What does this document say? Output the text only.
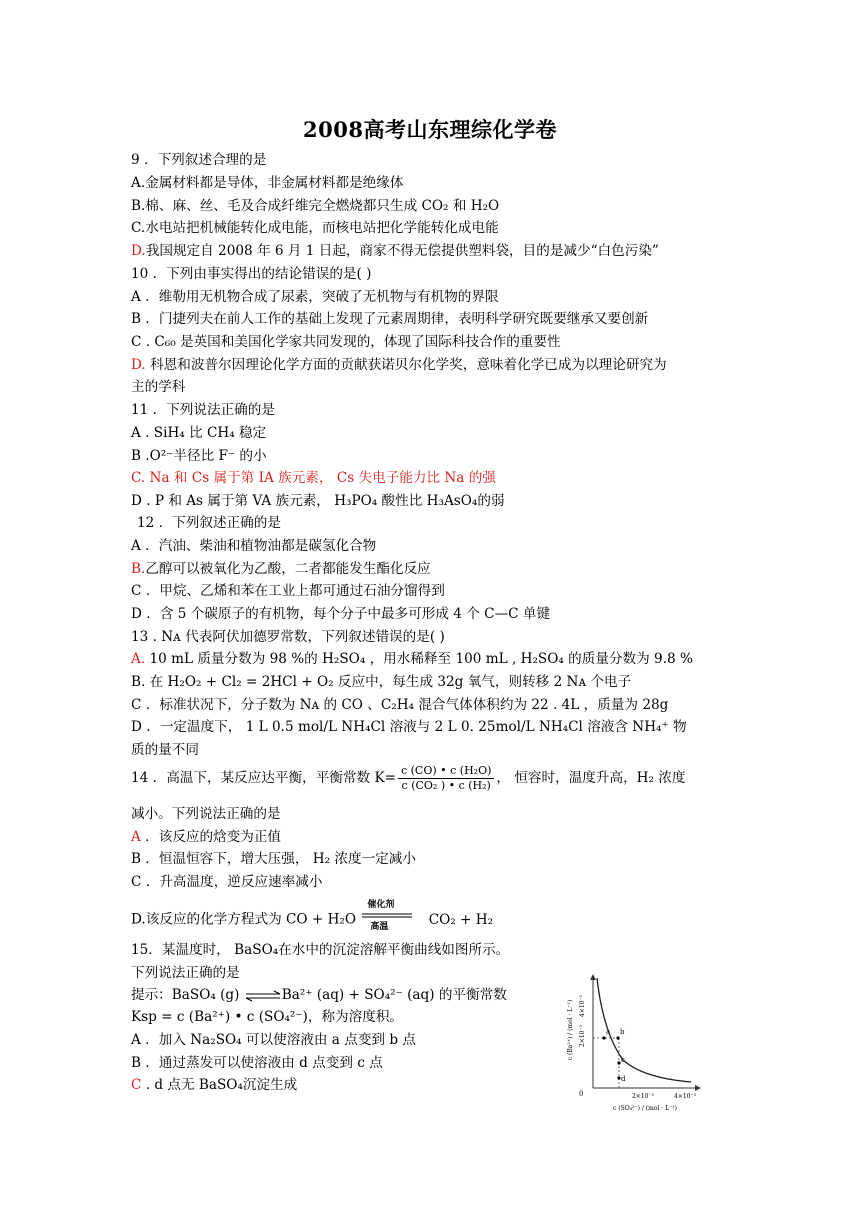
2008高考山东理综化学卷
9 ．下列叙述合理的是
A.金属材料都是导体，非金属材料都是绝缘体
B.棉、麻、丝、毛及合成纤维完全燃烧都只生成 CO₂ 和 H₂O
C.水电站把机械能转化成电能，而核电站把化学能转化成电能
D.我国规定自 2008 年 6 月 1 日起，商家不得无偿提供塑料袋，目的是减少“白色污染”
10 ．下列由事实得出的结论错误的是( )
A ．维勒用无机物合成了尿素，突破了无机物与有机物的界限
B ．门捷列夫在前人工作的基础上发现了元素周期律，表明科学研究既要继承又要创新
C . C₆₀ 是英国和美国化学家共同发现的，体现了国际科技合作的重要性
D. 科恩和波普尔因理论化学方面的贡献获诺贝尔化学奖，意味着化学已成为以理论研究为
主的学科
11 ．下列说法正确的是
A . SiH₄ 比 CH₄ 稳定
B .O²⁻半径比 F⁻ 的小
C. Na 和 Cs 属于第 IA 族元素， Cs 失电子能力比 Na 的强
D . P 和 As 属于第 VA 族元素， H₃PO₄ 酸性比 H₃AsO₄的弱
12 ．下列叙述正确的是
A ．汽油、柴油和植物油都是碳氢化合物
B.乙醇可以被氧化为乙酸，二者都能发生酯化反应
C ．甲烷、乙烯和苯在工业上都可通过石油分馏得到
D ．含 5 个碳原子的有机物，每个分子中最多可形成 4 个 C—C 单键
13 . Nᴀ 代表阿伏加德罗常数，下列叙述错误的是( )
A. 10 mL 质量分数为 98 %的 H₂SO₄ ，用水稀释至 100 mL , H₂SO₄ 的质量分数为 9.8 %
B. 在 H₂O₂ + Cl₂ = 2HCl + O₂ 反应中，每生成 32g 氧气，则转移 2 Nᴀ 个电子
C ．标准状况下，分子数为 Nᴀ 的 CO 、C₂H₄ 混合气体体积约为 22 . 4L ，质量为 28g
D ．一定温度下， 1 L 0.5 mol/L NH₄Cl 溶液与 2 L 0. 25mol/L NH₄Cl 溶液含 NH₄⁺ 物
质的量不同
14 ．高温下，某反应达平衡，平衡常数 $K= \frac{\text{c (CO) • c (H₂O)}}{\text{c (CO₂ ) • c (H₂)}}$ ， 恒容时，温度升高，H₂ 浓度
减小。下列说法正确的是
A ．该反应的焓变为正值
B ．恒温恒容下，增大压强， H₂ 浓度一定减小
C ．升高温度，逆反应速率减小
D.该反应的化学方程式为 CO + H₂O
催化剂
高温	CO₂ + H₂
15．某温度时， BaSO₄在水中的沉淀溶解平衡曲线如图所示。
下列说法正确的是
提示：BaSO₄ (g) ⇌Ba²⁺ (aq) + SO₄²⁻ (aq) 的平衡常数
Ksp = c (Ba²⁺) • c (SO₄²⁻)，称为溶度积。
A ．加入 Na₂SO₄ 可以使溶液由 a 点变到 b 点
B ．通过蒸发可以使溶液由 d 点变到 c 点
C . d 点无 BaSO₄沉淀生成
a b
c
d
0
4×10⁻⁵
2×10⁻⁵
c (Ba²⁺) / (mol · L⁻¹)
2×10⁻⁵	4×10⁻⁵
c (SO₄²⁻) / (mol · L⁻¹)
